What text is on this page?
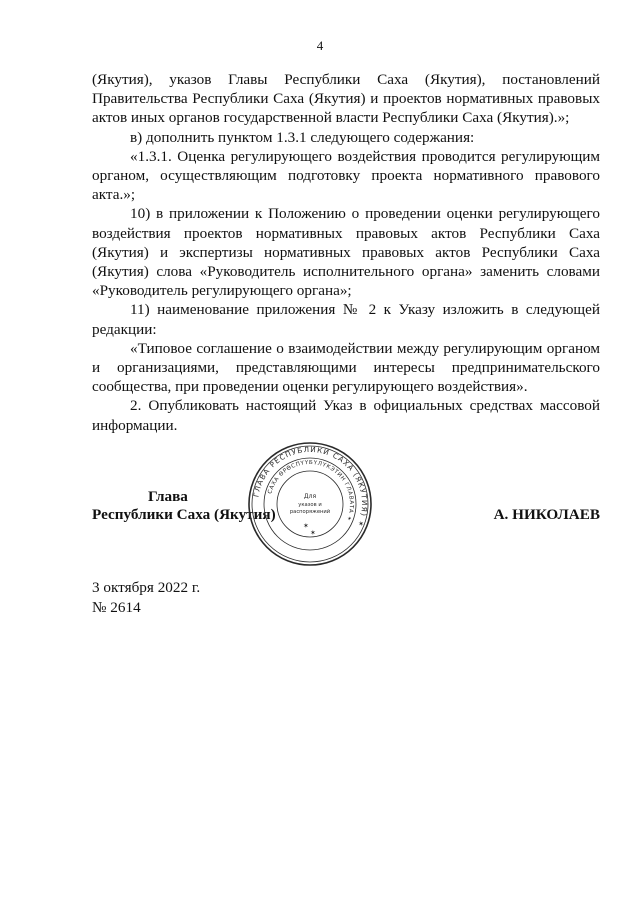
4

(Якутия), указов Главы Республики Саха (Якутия), постановлений Правительства Республики Саха (Якутия) и проектов нормативных правовых актов иных органов государственной власти Республики Саха (Якутия).»;

в) дополнить пунктом 1.3.1 следующего содержания:

«1.3.1. Оценка регулирующего воздействия проводится регулирующим органом, осуществляющим подготовку проекта нормативного правового акта.»;

10) в приложении к Положению о проведении оценки регулирующего воздействия проектов нормативных правовых актов Республики Саха (Якутия) и экспертизы нормативных правовых актов Республики Саха (Якутия) слова «Руководитель исполнительного органа» заменить словами «Руководитель регулирующего органа»;

11) наименование приложения № 2 к Указу изложить в следующей редакции:

«Типовое соглашение о взаимодействии между регулирующим органом и организациями, представляющими интересы предпринимательского сообщества, при проведении оценки регулирующего воздействия».

2. Опубликовать настоящий Указ в официальных средствах массовой информации.

Глава
Республики Саха (Якутия)	А. НИКОЛАЕВ
ГЛАВА РЕСПУБЛИКИ САХА (ЯКУТИЯ) ✶
САХА ӨРӨСПҮҮБҮЛҮКЭТИН ГЛАВАТА ✶
Для
указов и
распоряжений
✶
✶
3 октября 2022 г.
№ 2614
